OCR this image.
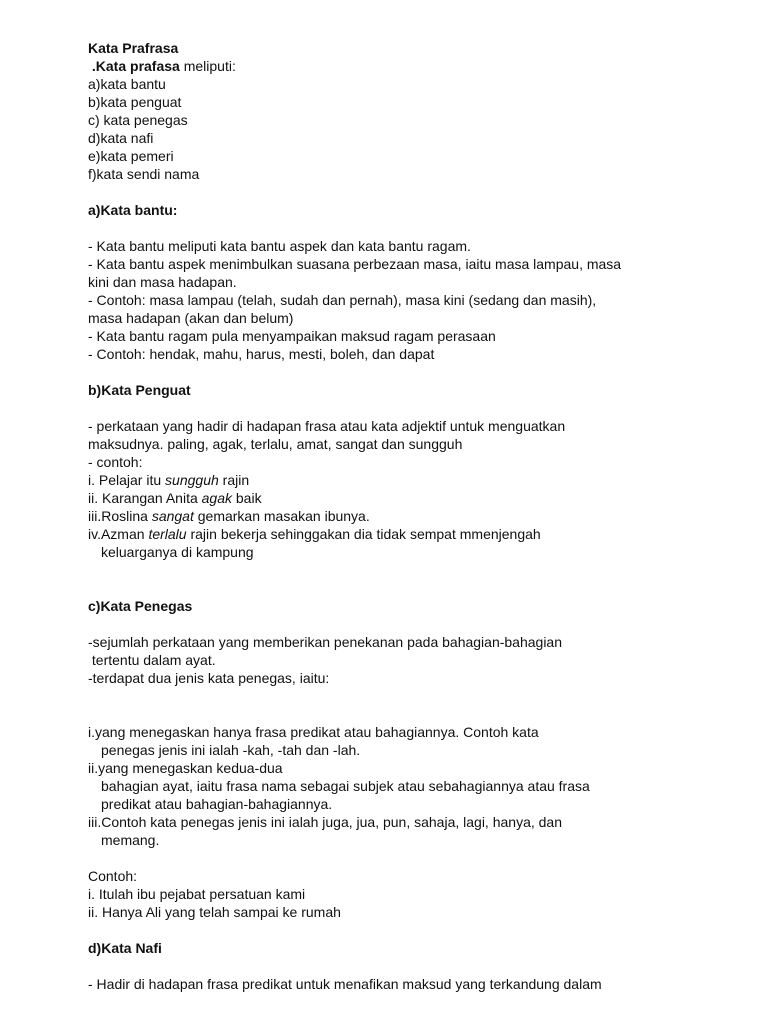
Kata Prafrasa
.Kata prafasa meliputi:
a)kata bantu
b)kata penguat
c) kata penegas
d)kata nafi
e)kata pemeri
f)kata sendi nama
a)Kata bantu:
- Kata bantu meliputi kata bantu aspek dan kata bantu ragam.
- Kata bantu aspek menimbulkan suasana perbezaan masa, iaitu masa lampau, masa
kini dan masa hadapan.
- Contoh: masa lampau (telah, sudah dan pernah), masa kini (sedang dan masih),
masa hadapan (akan dan belum)
- Kata bantu ragam pula menyampaikan maksud ragam perasaan
- Contoh: hendak, mahu, harus, mesti, boleh, dan dapat
b)Kata Penguat
- perkataan yang hadir di hadapan frasa atau kata adjektif untuk menguatkan
maksudnya. paling, agak, terlalu, amat, sangat dan sungguh
- contoh:
i. Pelajar itu sungguh rajin
ii. Karangan Anita agak baik
iii.Roslina sangat gemarkan masakan ibunya.
iv.Azman terlalu rajin bekerja sehinggakan dia tidak sempat mmenjengah
keluarganya di kampung
c)Kata Penegas
-sejumlah perkataan yang memberikan penekanan pada bahagian-bahagian
tertentu dalam ayat.
-terdapat dua jenis kata penegas, iaitu:
i.yang menegaskan hanya frasa predikat atau bahagiannya. Contoh kata
penegas jenis ini ialah -kah, -tah dan -lah.
ii.yang menegaskan kedua-dua
bahagian ayat, iaitu frasa nama sebagai subjek atau sebahagiannya atau frasa
predikat atau bahagian-bahagiannya.
iii.Contoh kata penegas jenis ini ialah juga, jua, pun, sahaja, lagi, hanya, dan
memang.
Contoh:
i. Itulah ibu pejabat persatuan kami
ii. Hanya Ali yang telah sampai ke rumah
d)Kata Nafi
- Hadir di hadapan frasa predikat untuk menafikan maksud yang terkandung dalam
